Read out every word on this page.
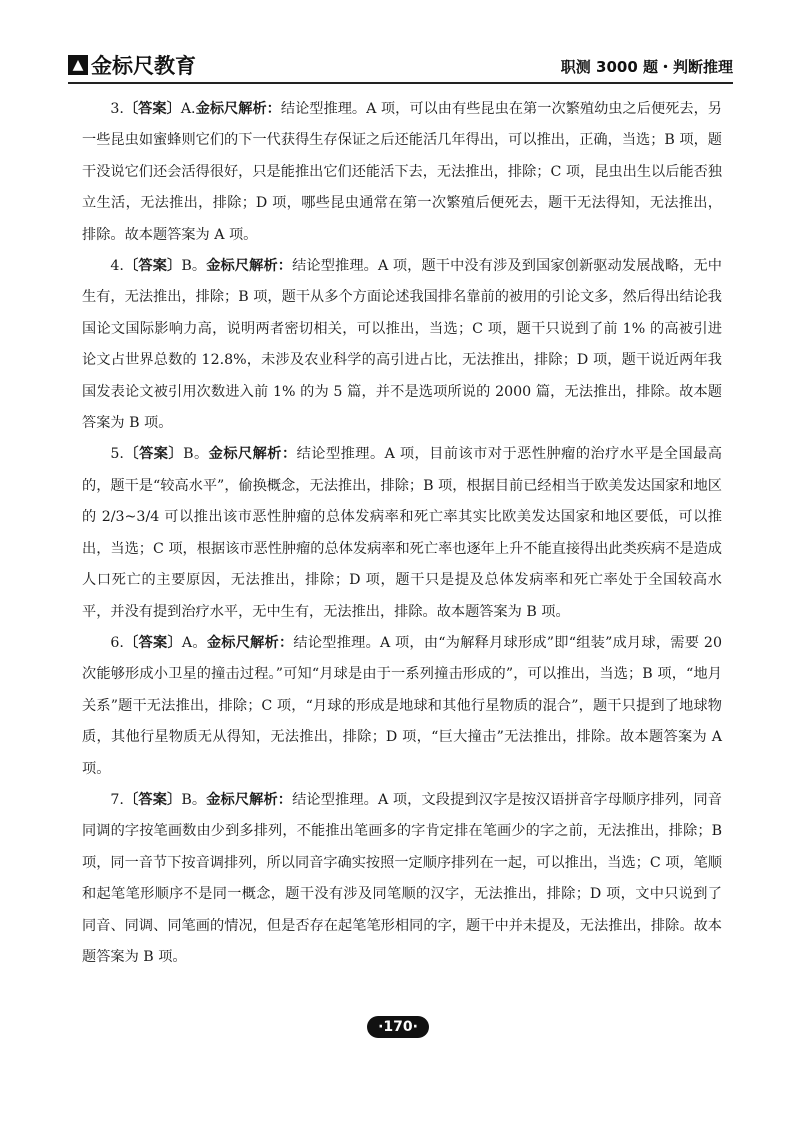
▲ 金标尺教育	职测 3000 题・判断推理

3.〔答案〕A.金标尺解析：结论型推理。A 项，可以由有些昆虫在第一次繁殖幼虫之后便死去，另一些昆虫如蜜蜂则它们的下一代获得生存保证之后还能活几年得出，可以推出，正确，当选；B 项，题干没说它们还会活得很好，只是能推出它们还能活下去，无法推出，排除；C 项，昆虫出生以后能否独立生活，无法推出，排除；D 项，哪些昆虫通常在第一次繁殖后便死去，题干无法得知，无法推出，排除。故本题答案为 A 项。

4.〔答案〕B。金标尺解析：结论型推理。A 项，题干中没有涉及到国家创新驱动发展战略，无中生有，无法推出，排除；B 项，题干从多个方面论述我国排名靠前的被用的引论文多，然后得出结论我国论文国际影响力高，说明两者密切相关，可以推出，当选；C 项，题干只说到了前 1% 的高被引进论文占世界总数的 12.8%，未涉及农业科学的高引进占比，无法推出，排除；D 项，题干说近两年我国发表论文被引用次数进入前 1% 的为 5 篇，并不是选项所说的 2000 篇，无法推出，排除。故本题答案为 B 项。

5.〔答案〕B。金标尺解析：结论型推理。A 项，目前该市对于恶性肿瘤的治疗水平是全国最高的，题干是“较高水平”，偷换概念，无法推出，排除；B 项，根据目前已经相当于欧美发达国家和地区的 2/3~3/4 可以推出该市恶性肿瘤的总体发病率和死亡率其实比欧美发达国家和地区要低，可以推出，当选；C 项，根据该市恶性肿瘤的总体发病率和死亡率也逐年上升不能直接得出此类疾病不是造成人口死亡的主要原因，无法推出，排除；D 项，题干只是提及总体发病率和死亡率处于全国较高水平，并没有提到治疗水平，无中生有，无法推出，排除。故本题答案为 B 项。

6.〔答案〕A。金标尺解析：结论型推理。A 项，由“为解释月球形成”即“组装”成月球，需要 20 次能够形成小卫星的撞击过程。”可知“月球是由于一系列撞击形成的”，可以推出，当选；B 项，“地月关系”题干无法推出，排除；C 项，“月球的形成是地球和其他行星物质的混合”，题干只提到了地球物质，其他行星物质无从得知，无法推出，排除；D 项，“巨大撞击”无法推出，排除。故本题答案为 A 项。

7.〔答案〕B。金标尺解析：结论型推理。A 项，文段提到汉字是按汉语拼音字母顺序排列，同音同调的字按笔画数由少到多排列，不能推出笔画多的字肯定排在笔画少的字之前，无法推出，排除；B 项，同一音节下按音调排列，所以同音字确实按照一定顺序排列在一起，可以推出，当选；C 项，笔顺和起笔笔形顺序不是同一概念，题干没有涉及同笔顺的汉字，无法推出，排除；D 项，文中只说到了同音、同调、同笔画的情况，但是否存在起笔笔形相同的字，题干中并未提及，无法推出，排除。故本题答案为 B 项。

·170·
